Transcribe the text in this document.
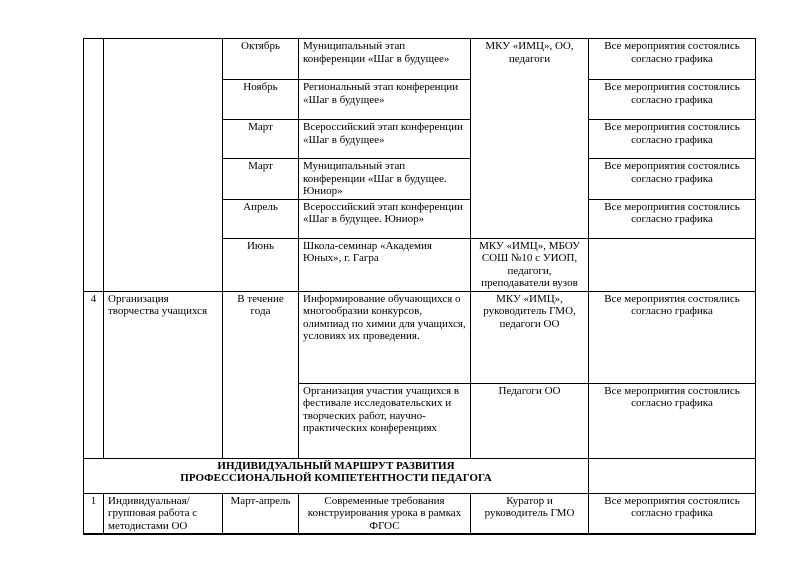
		Октябрь	Муниципальный этап конференции «Шаг в будущее»	МКУ «ИМЦ», ОО, педагоги	Все мероприятия состоялись согласно графика
		Ноябрь	Региональный этап конференции «Шаг в будущее»		Все мероприятия состоялись согласно графика
		Март	Всероссийский этап конференции «Шаг в будущее»		Все мероприятия состоялись согласно графика
		Март	Муниципальный этап конференции «Шаг в будущее. Юниор»		Все мероприятия состоялись согласно графика
		Апрель	Всероссийский этап конференции «Шаг в будущее. Юниор»		Все мероприятия состоялись согласно графика
		Июнь	Школа-семинар «Академия Юных», г. Гагра	МКУ «ИМЦ», МБОУ СОШ №10 с УИОП, педагоги, преподаватели вузов	
4	Организация творчества учащихся	В течение года	Информирование обучающихся о многообразии конкурсов, олимпиад по химии для учащихся, условиях их проведения.	МКУ «ИМЦ», руководитель ГМО, педагоги ОО	Все мероприятия состоялись согласно графика
			Организация участия учащихся в фестивале исследовательских и творческих работ, научно-практических конференциях	Педагоги ОО	Все мероприятия состоялись согласно графика

ИНДИВИДУАЛЬНЫЙ МАРШРУТ РАЗВИТИЯ
ПРОФЕССИОНАЛЬНОЙ КОМПЕТЕНТНОСТИ ПЕДАГОГА					

1	Индивидуальная/групповая работа с методистами ОО	Март-апрель	Современные требования конструирования урока в рамках ФГОС	Куратор и руководитель ГМО	Все мероприятия состоялись согласно графика
